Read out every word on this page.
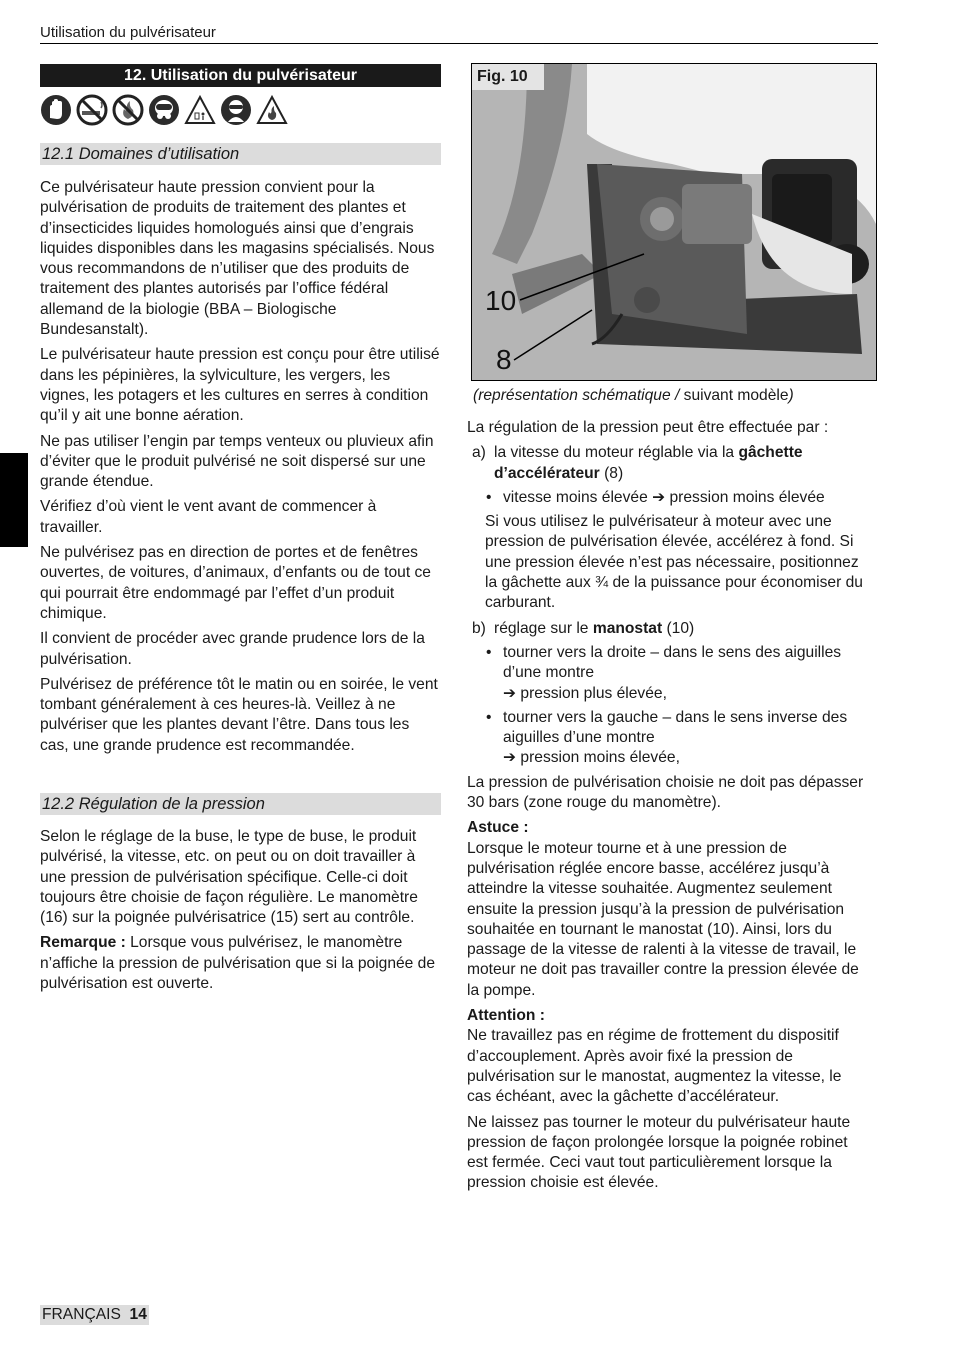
Utilisation du pulvérisateur
12. Utilisation du pulvérisateur
12.1 Domaines d’utilisation

Ce pulvérisateur haute pression convient pour la pulvérisation de produits de traitement des plantes et d’insecticides liquides homologués ainsi que d’engrais liquides disponibles dans les magasins spécialisés. Nous vous recommandons de n’utiliser que des produits de traitement des plantes autorisés par l’office fédéral allemand de la biologie (BBA – Biologische Bundesanstalt).

Le pulvérisateur haute pression est conçu pour être utilisé dans les pépinières, la sylviculture, les vergers, les vignes, les potagers et les cultures en serres à condition qu’il y ait une bonne aération.

Ne pas utiliser l’engin par temps venteux ou pluvieux afin d’éviter que le produit pulvérisé ne soit dispersé sur une grande étendue.

Vérifiez d’où vient le vent avant de commencer à travailler.

Ne pulvérisez pas en direction de portes et de fenêtres ouvertes, de voitures, d’animaux, d’enfants ou de tout ce qui pourrait être endommagé par l’effet d’un produit chimique.

Il convient de procéder avec grande prudence lors de la pulvérisation.

Pulvérisez de préférence tôt le matin ou en soirée, le vent tombant généralement à ces heures-là. Veillez à ne pulvériser que les plantes devant l’être. Dans tous les cas, une grande prudence est recommandée.

12.2 Régulation de la pression

Selon le réglage de la buse, le type de buse, le produit pulvérisé, la vitesse, etc. on peut ou on doit travailler à une pression de pulvérisation spécifique. Celle-ci doit toujours être choisie de façon régulière. Le manomètre (16) sur la poignée pulvérisatrice (15) sert au contrôle.

Remarque : Lorsque vous pulvérisez, le manomètre n’affiche la pression de pulvérisation que si la poignée de pulvérisation est ouverte.

Fig. 10
10
8
(représentation schématique / suivant modèle)

La régulation de la pression peut être effectuée par :

a) la vitesse du moteur réglable via la gâchette d’accélérateur (8)
• vitesse moins élevée ➔ pression moins élevée

Si vous utilisez le pulvérisateur à moteur avec une pression de pulvérisation élevée, accélérez à fond. Si une pression élevée n’est pas nécessaire, positionnez la gâchette aux ¾ de la puissance pour économiser du carburant.

b) réglage sur le manostat (10)
• tourner vers la droite – dans le sens des aiguilles d’une montre
➔ pression plus élevée,
• tourner vers la gauche – dans le sens inverse des aiguilles d’une montre
➔ pression moins élevée,

La pression de pulvérisation choisie ne doit pas dépasser 30 bars (zone rouge du manomètre).

Astuce :

Lorsque le moteur tourne et à une pression de pulvérisation réglée encore basse, accélérez jusqu’à atteindre la vitesse souhaitée. Augmentez seulement ensuite la pression jusqu’à la pression de pulvérisation souhaitée en tournant le manostat (10). Ainsi, lors du passage de la vitesse de ralenti à la vitesse de travail, le moteur ne doit pas travailler contre la pression élevée de la pompe.

Attention :

Ne travaillez pas en régime de frottement du dispositif d’accouplement. Après avoir fixé la pression de pulvérisation sur le manostat, augmentez la vitesse, le cas échéant, avec la gâchette d’accélérateur.

Ne laissez pas tourner le moteur du pulvérisateur haute pression de façon prolongée lorsque la poignée robinet est fermée. Ceci vaut tout particulièrement lorsque la pression choisie est élevée.

FRANÇAIS 14
